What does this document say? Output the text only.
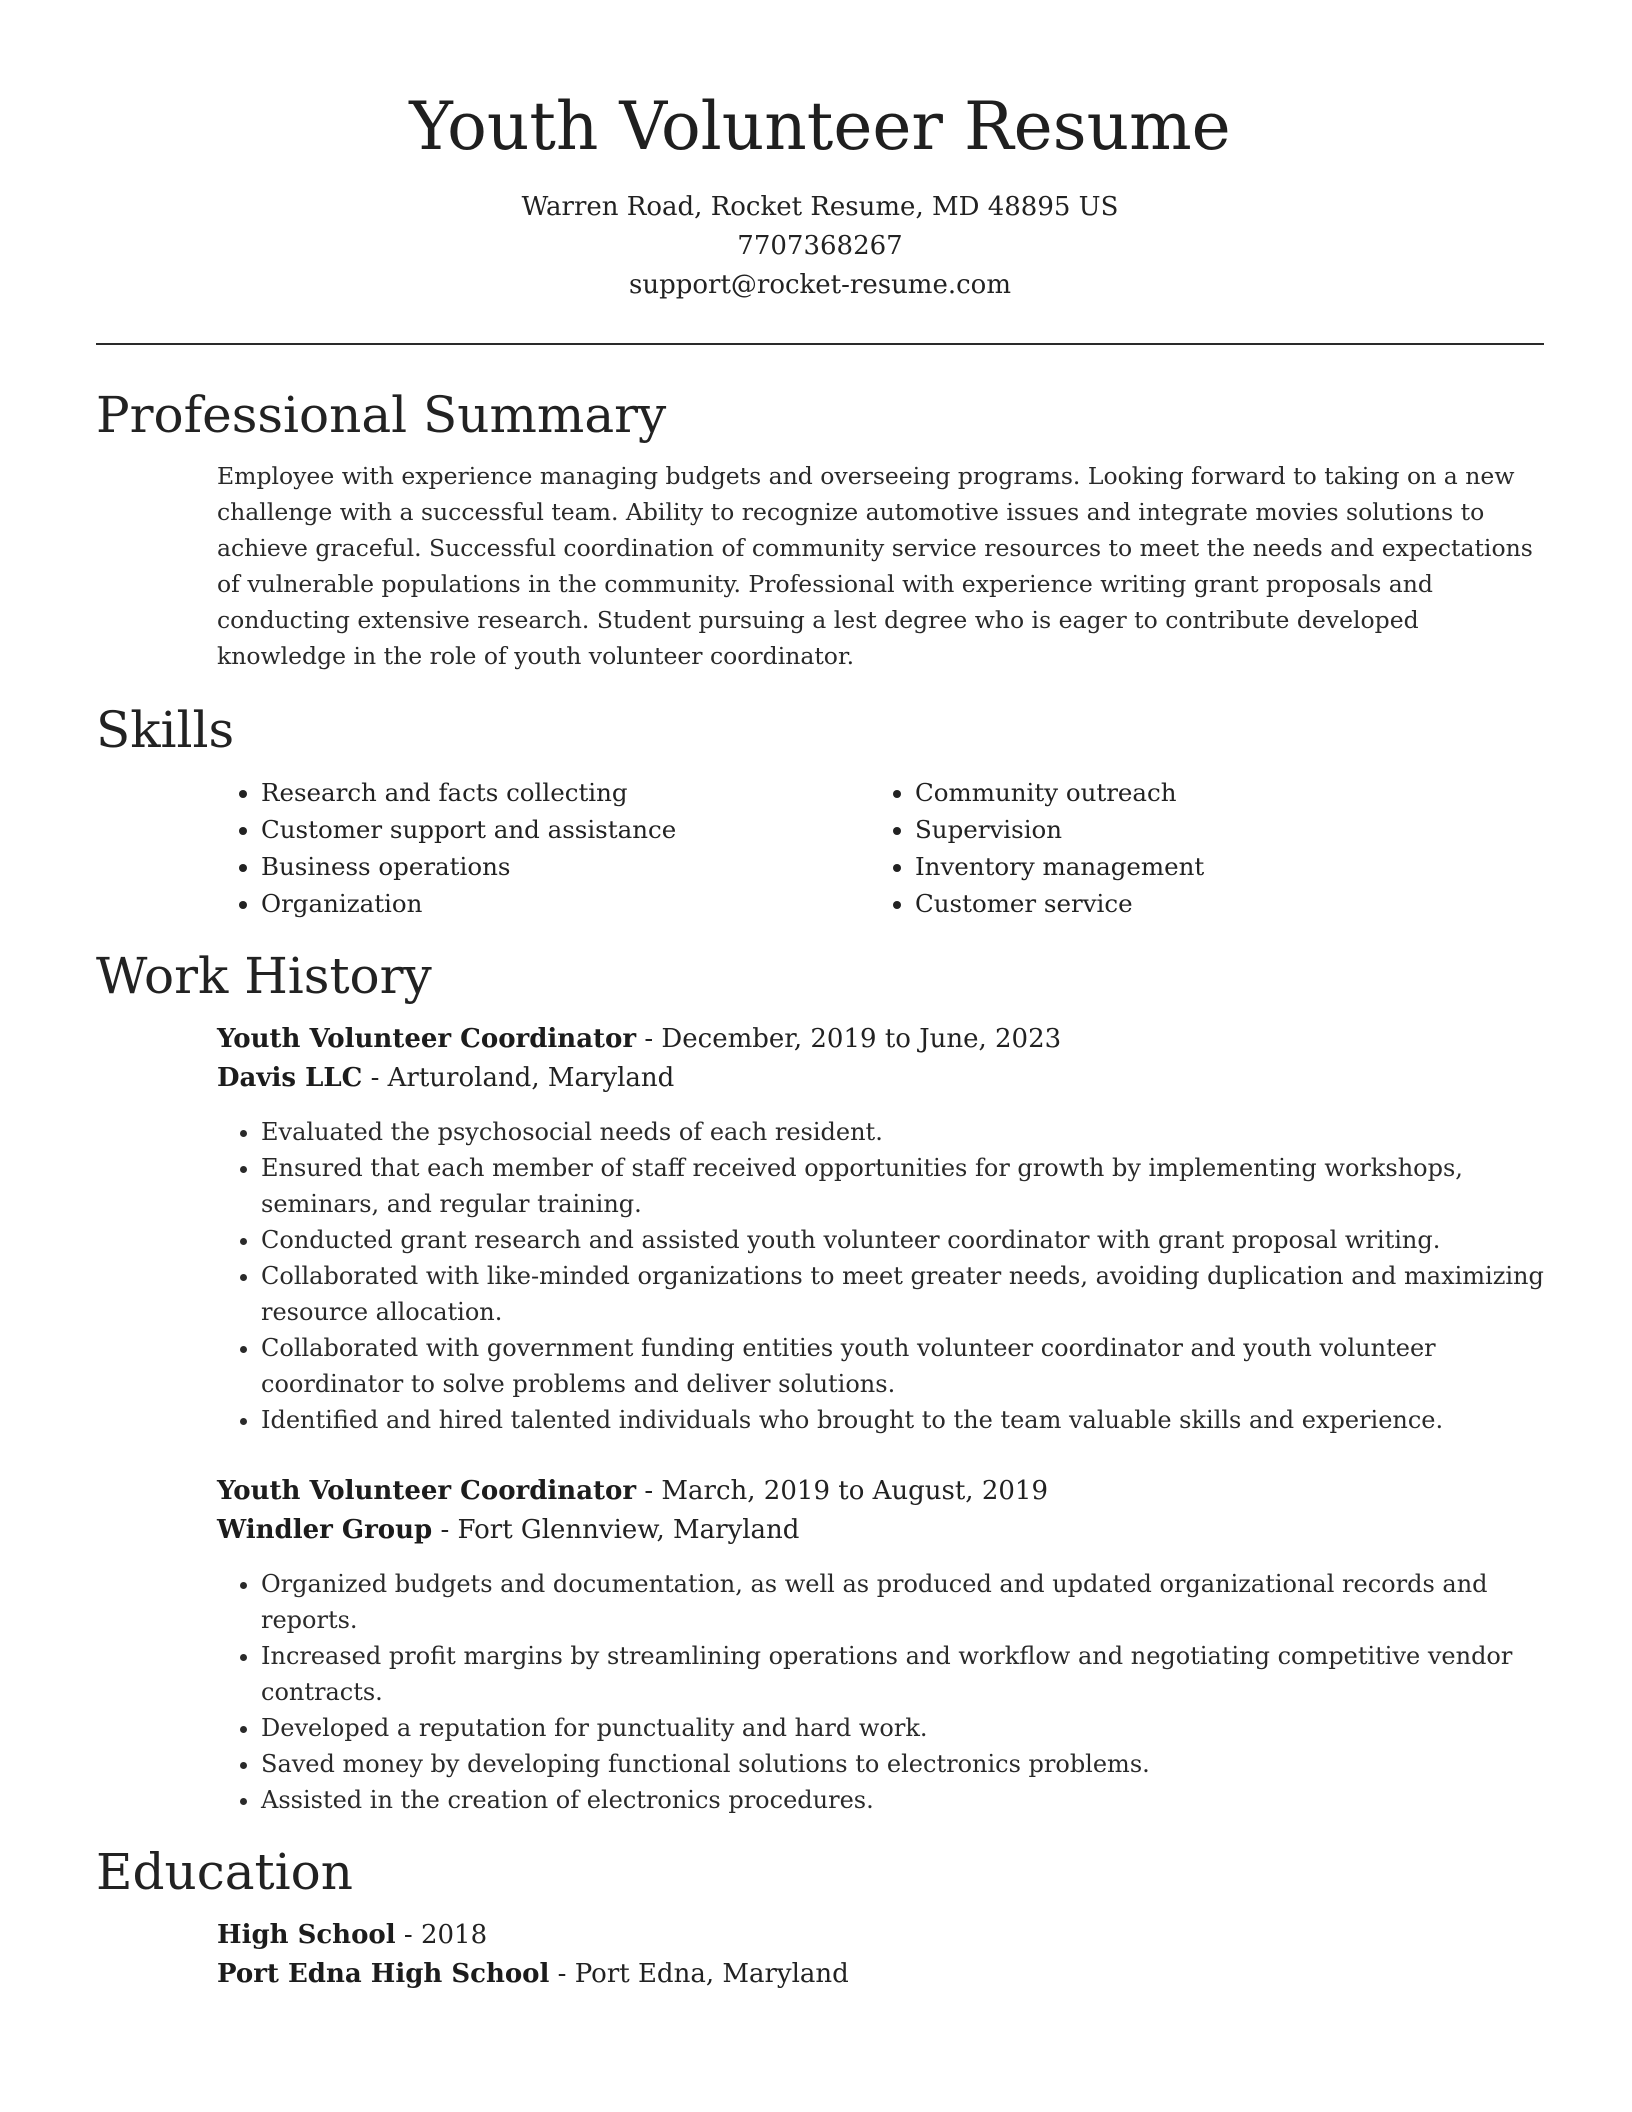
Youth Volunteer Resume
Warren Road, Rocket Resume, MD 48895 US
7707368267
support@rocket-resume.com
Professional Summary

Employee with experience managing budgets and overseeing programs. Looking forward to taking on a new challenge with a successful team. Ability to recognize automotive issues and integrate movies solutions to achieve graceful. Successful coordination of community service resources to meet the needs and expectations of vulnerable populations in the community. Professional with experience writing grant proposals and conducting extensive research. Student pursuing a lest degree who is eager to contribute developed knowledge in the role of youth volunteer coordinator.

Skills
• Research and facts collecting
• Customer support and assistance
• Business operations
• Organization
• Community outreach
• Supervision
• Inventory management
• Customer service
Work History
Youth Volunteer Coordinator - December, 2019 to June, 2023
Davis LLC - Arturoland, Maryland
• Evaluated the psychosocial needs of each resident.
• Ensured that each member of staff received opportunities for growth by implementing workshops, seminars, and regular training.
• Conducted grant research and assisted youth volunteer coordinator with grant proposal writing.
• Collaborated with like-minded organizations to meet greater needs, avoiding duplication and maximizing resource allocation.
• Collaborated with government funding entities youth volunteer coordinator and youth volunteer coordinator to solve problems and deliver solutions.
• Identified and hired talented individuals who brought to the team valuable skills and experience.
Youth Volunteer Coordinator - March, 2019 to August, 2019
Windler Group - Fort Glennview, Maryland
• Organized budgets and documentation, as well as produced and updated organizational records and reports.
• Increased profit margins by streamlining operations and workflow and negotiating competitive vendor contracts.
• Developed a reputation for punctuality and hard work.
• Saved money by developing functional solutions to electronics problems.
• Assisted in the creation of electronics procedures.
Education
High School - 2018
Port Edna High School - Port Edna, Maryland
